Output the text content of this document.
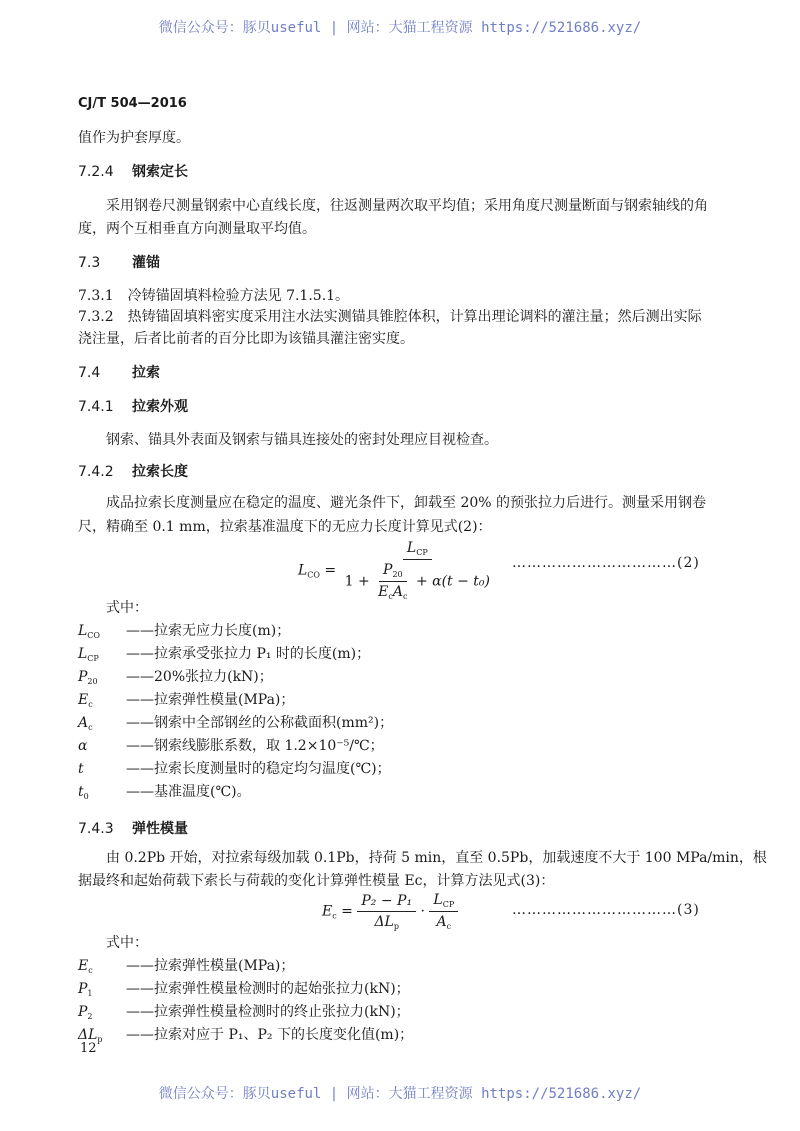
微信公众号：豚贝useful | 网站：大猫工程资源 https://521686.xyz/
CJ/T 504—2016
值作为护套厚度。
7.2.4 钢索定长
采用钢卷尺测量钢索中心直线长度，往返测量两次取平均值；采用角度尺测量断面与钢索轴线的角
度，两个互相垂直方向测量取平均值。
7.3 灌锚
7.3.1　冷铸锚固填料检验方法见 7.1.5.1。
7.3.2　热铸锚固填料密实度采用注水法实测锚具锥腔体积，计算出理论调料的灌注量；然后测出实际
浇注量，后者比前者的百分比即为该锚具灌注密实度。
7.4 拉索
7.4.1 拉索外观
钢索、锚具外表面及钢索与锚具连接处的密封处理应目视检查。
7.4.2 拉索长度
成品拉索长度测量应在稳定的温度、避光条件下，卸载至 20% 的预张拉力后进行。测量采用钢卷
尺，精确至 0.1 mm，拉索基准温度下的无应力长度计算见式(2)：
$L_{CO} = \frac{L_{CP}}{1 + \frac{P_{20}}{E_cA_c} + \alpha(t - t_0)}$ ……………………………(2)
式中：
$L_{CO}$ ——拉索无应力长度(m)；
$L_{CP}$ ——拉索承受张拉力 P₁ 时的长度(m)；
$P_{20}$ ——20%张拉力(kN)；
$E_c$ ——拉索弹性模量(MPa)；
$A_c$ ——钢索中全部钢丝的公称截面积(mm²)；
α	——钢索线膨胀系数，取 1.2×10⁻⁵/℃；
t	——拉索长度测量时的稳定均匀温度(℃)；
$t_0$	——基准温度(℃)。
7.4.3 弹性模量
由 0.2Pb 开始，对拉索每级加载 0.1Pb，持荷 5 min，直至 0.5Pb，加载速度不大于 100 MPa/min，根
据最终和起始荷载下索长与荷载的变化计算弹性模量 Ec，计算方法见式(3)：
$E_c = \frac{\text{P₂ − P₁}}{\Delta L_p} \cdot \frac{L_{CP}}{A_c}$	……………………………(3)
式中：
$E_c$ ——拉索弹性模量(MPa)；
$P_1$ ——拉索弹性模量检测时的起始张拉力(kN)；
$P_2$ ——拉索弹性模量检测时的终止张拉力(kN)；
$\Delta L_p$ ——拉索对应于 P₁、P₂ 下的长度变化值(m)；
12
微信公众号：豚贝useful | 网站：大猫工程资源 https://521686.xyz/
